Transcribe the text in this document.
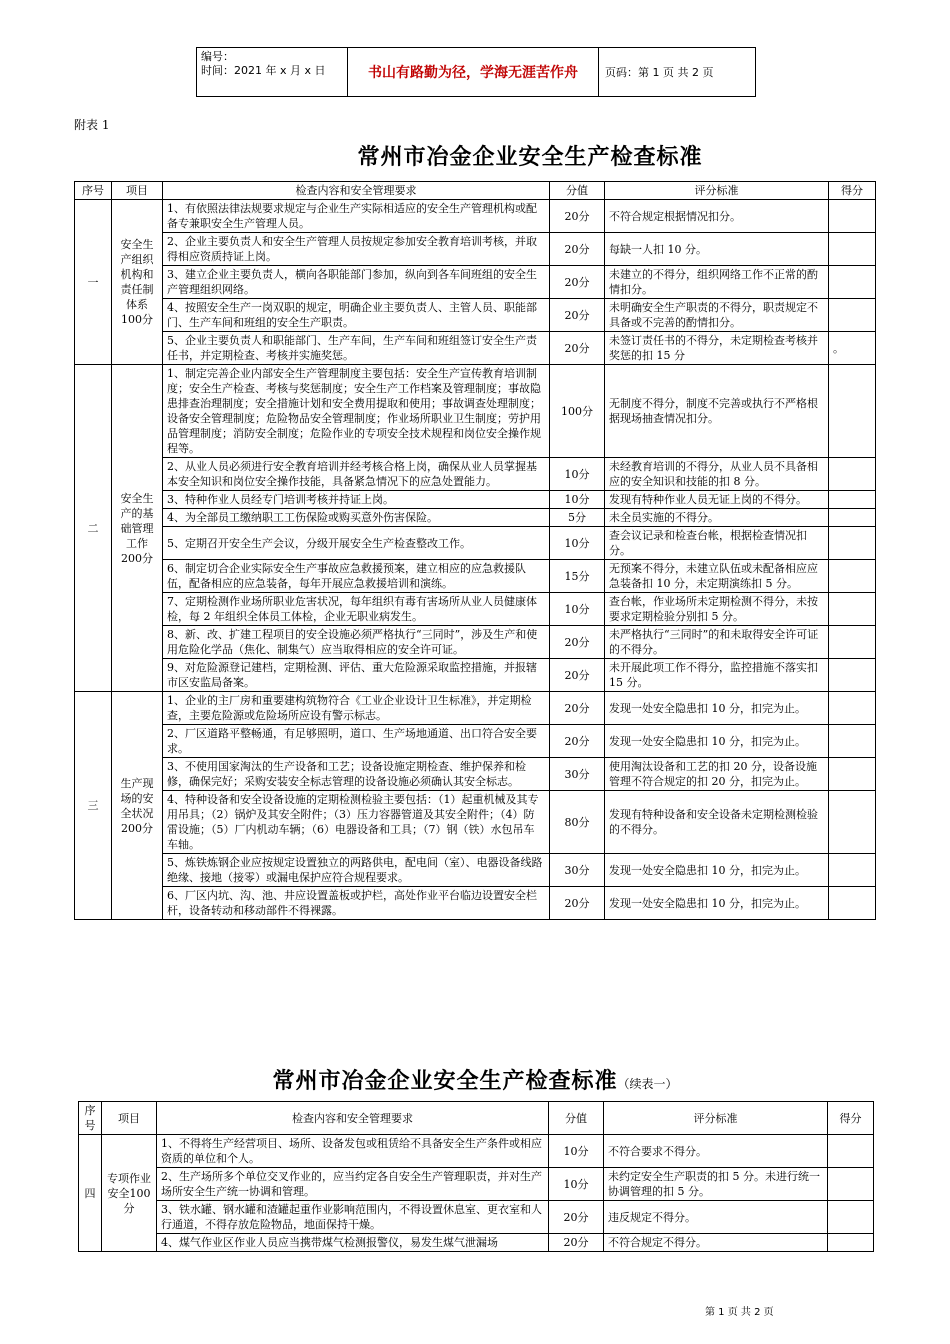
编号：
时间：2021 年 x 月 x 日	书山有路勤为径，学海无涯苦作舟	页码：第 1 页 共 2 页
附表 1
常州市冶金企业安全生产检查标准
序号	项目	检查内容和安全管理要求	分值	评分标准	得分
一	安全生产组织机构和责任制体系100分	1、有依照法律法规要求规定与企业生产实际相适应的安全生产管理机构或配备专兼职安全生产管理人员。	20分	不符合规定根据情况扣分。	
		2、企业主要负责人和安全生产管理人员按规定参加安全教育培训考核，并取得相应资质持证上岗。	20分	每缺一人扣 10 分。	
		3、建立企业主要负责人，横向各职能部门参加，纵向到各车间班组的安全生产管理组织网络。	20分	未建立的不得分，组织网络工作不正常的酌情扣分。	
		4、按照安全生产一岗双职的规定，明确企业主要负责人、主管人员、职能部门、生产车间和班组的安全生产职责。	20分	未明确安全生产职责的不得分，职责规定不具备或不完善的酌情扣分。	
		5、企业主要负责人和职能部门、生产车间，生产车间和班组签订安全生产责任书，并定期检查、考核并实施奖惩。	20分	未签订责任书的不得分，未定期检查考核并奖惩的扣 15 分	。
二	安全生产的基础管理工作200分	1、制定完善企业内部安全生产管理制度主要包括：安全生产宣传教育培训制度；安全生产检查、考核与奖惩制度；安全生产工作档案及管理制度；事故隐患排查治理制度；安全措施计划和安全费用提取和使用；事故调查处理制度；设备安全管理制度；危险物品安全管理制度；作业场所职业卫生制度；劳护用品管理制度；消防安全制度；危险作业的专项安全技术规程和岗位安全操作规程等。	100分	无制度不得分，制度不完善或执行不严格根据现场抽查情况扣分。	
		2、从业人员必须进行安全教育培训并经考核合格上岗，确保从业人员掌握基本安全知识和岗位安全操作技能，具备紧急情况下的应急处置能力。	10分	未经教育培训的不得分，从业人员不具备相应的安全知识和技能的扣 8 分。	
		3、特种作业人员经专门培训考核并持证上岗。	10分	发现有特种作业人员无证上岗的不得分。	
		4、为全部员工缴纳职工工伤保险或购买意外伤害保险。	5分	未全员实施的不得分。	
		5、定期召开安全生产会议，分级开展安全生产检查整改工作。	10分	查会议记录和检查台帐，根据检查情况扣分。	
		6、制定切合企业实际安全生产事故应急救援预案，建立相应的应急救援队伍，配备相应的应急装备，每年开展应急救援培训和演练。	15分	无预案不得分，未建立队伍或未配备相应应急装备扣 10 分，未定期演练扣 5 分。	
		7、定期检测作业场所职业危害状况，每年组织有毒有害场所从业人员健康体检，每 2 年组织全体员工体检，企业无职业病发生。	10分	查台帐，作业场所未定期检测不得分，未按要求定期检验分别扣 5 分。	
		8、新、改、扩建工程项目的安全设施必须严格执行“三同时”，涉及生产和使用危险化学品（焦化、制集气）应当取得相应的安全许可证。	20分	未严格执行“三同时”的和未取得安全许可证的不得分。	
		9、对危险源登记建档，定期检测、评估、重大危险源采取监控措施，并报辖市区安监局备案。	20分	未开展此项工作不得分，监控措施不落实扣 15 分。	
三	生产现场的安全状况200分	1、企业的主厂房和重要建构筑物符合《工业企业设计卫生标准》，并定期检查，主要危险源或危险场所应设有警示标志。	20分	发现一处安全隐患扣 10 分，扣完为止。	
		2、厂区道路平整畅通，有足够照明，道口、生产场地通道、出口符合安全要求。	20分	发现一处安全隐患扣 10 分，扣完为止。	
		3、不使用国家淘汰的生产设备和工艺；设备设施定期检查、维护保养和检修，确保完好；采购安装安全标志管理的设备设施必须确认其安全标志。	30分	使用淘汰设备和工艺的扣 20 分，设备设施管理不符合规定的扣 20 分，扣完为止。	
		4、特种设备和安全设备设施的定期检测检验主要包括：（1）起重机械及其专用吊具；（2）锅炉及其安全附件；（3）压力容器管道及其安全附件；（4）防雷设施；（5）厂内机动车辆；（6）电器设备和工具；（7）钢（铁）水包吊车车轴。	80分	发现有特种设备和安全设备未定期检测检验的不得分。	
		5、炼铁炼钢企业应按规定设置独立的两路供电，配电间（室）、电器设备线路绝缘、接地（接零）或漏电保护应符合规程要求。	30分	发现一处安全隐患扣 10 分，扣完为止。	
		6、厂区内坑、沟、池、井应设置盖板或护栏，高处作业平台临边设置安全栏杆，设备转动和移动部件不得裸露。	20分	发现一处安全隐患扣 10 分，扣完为止。	
常州市冶金企业安全生产检查标准（续表一）
序号	项目	检查内容和安全管理要求	分值	评分标准	得分
四	专项作业安全100分	1、不得将生产经营项目、场所、设备发包或租赁给不具备安全生产条件或相应资质的单位和个人。	10分	不符合要求不得分。	
		2、生产场所多个单位交叉作业的，应当约定各自安全生产管理职责，并对生产场所安全生产统一协调和管理。	10分	未约定安全生产职责的扣 5 分。未进行统一协调管理的扣 5 分。	
		3、铁水罐、钢水罐和渣罐起重作业影响范围内，不得设置休息室、更衣室和人行通道，不得存放危险物品，地面保持干燥。	20分	违反规定不得分。	
		4、煤气作业区作业人员应当携带煤气检测报警仪，易发生煤气泄漏场	20分	不符合规定不得分。	
第 1 页 共 2 页
